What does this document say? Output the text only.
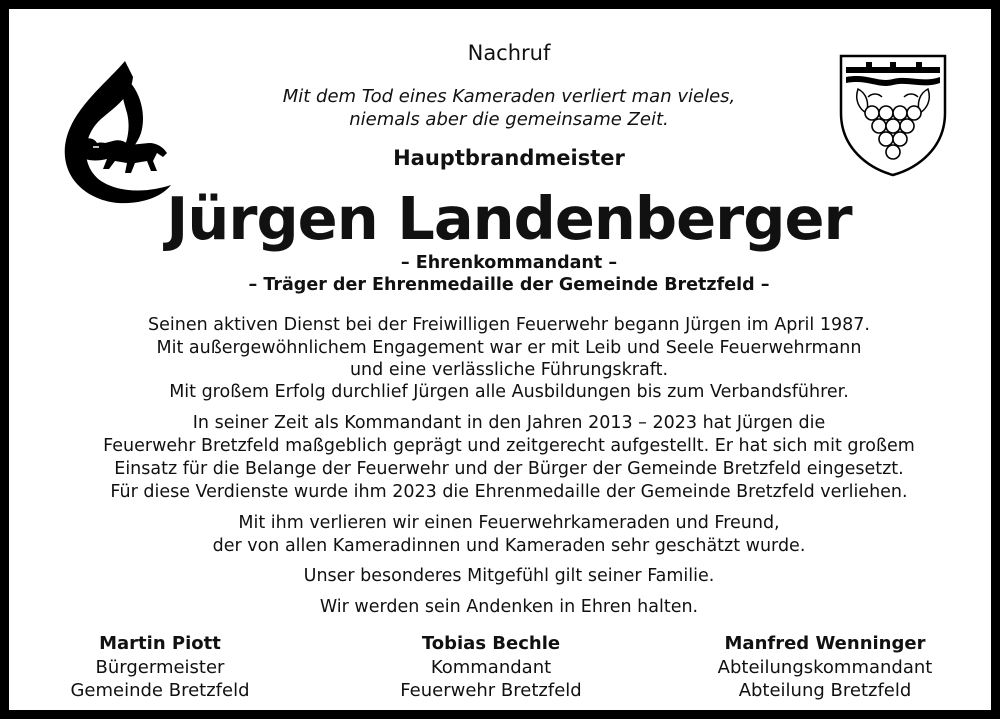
Nachruf
Mit dem Tod eines Kameraden verliert man vieles,
niemals aber die gemeinsame Zeit.
Hauptbrandmeister
Jürgen Landenberger
– Ehrenkommandant –
– Träger der Ehrenmedaille der Gemeinde Bretzfeld –
Seinen aktiven Dienst bei der Freiwilligen Feuerwehr begann Jürgen im April 1987.
Mit außergewöhnlichem Engagement war er mit Leib und Seele Feuerwehrmann
und eine verlässliche Führungskraft.
Mit großem Erfolg durchlief Jürgen alle Ausbildungen bis zum Verbandsführer.
In seiner Zeit als Kommandant in den Jahren 2013 – 2023 hat Jürgen die
Feuerwehr Bretzfeld maßgeblich geprägt und zeitgerecht aufgestellt. Er hat sich mit großem
Einsatz für die Belange der Feuerwehr und der Bürger der Gemeinde Bretzfeld eingesetzt.
Für diese Verdienste wurde ihm 2023 die Ehrenmedaille der Gemeinde Bretzfeld verliehen.
Mit ihm verlieren wir einen Feuerwehrkameraden und Freund,
der von allen Kameradinnen und Kameraden sehr geschätzt wurde.
Unser besonderes Mitgefühl gilt seiner Familie.
Wir werden sein Andenken in Ehren halten.
Martin Piott
Bürgermeister
Gemeinde Bretzfeld
Tobias Bechle
Kommandant
Feuerwehr Bretzfeld
Manfred Wenninger
Abteilungskommandant
Abteilung Bretzfeld
